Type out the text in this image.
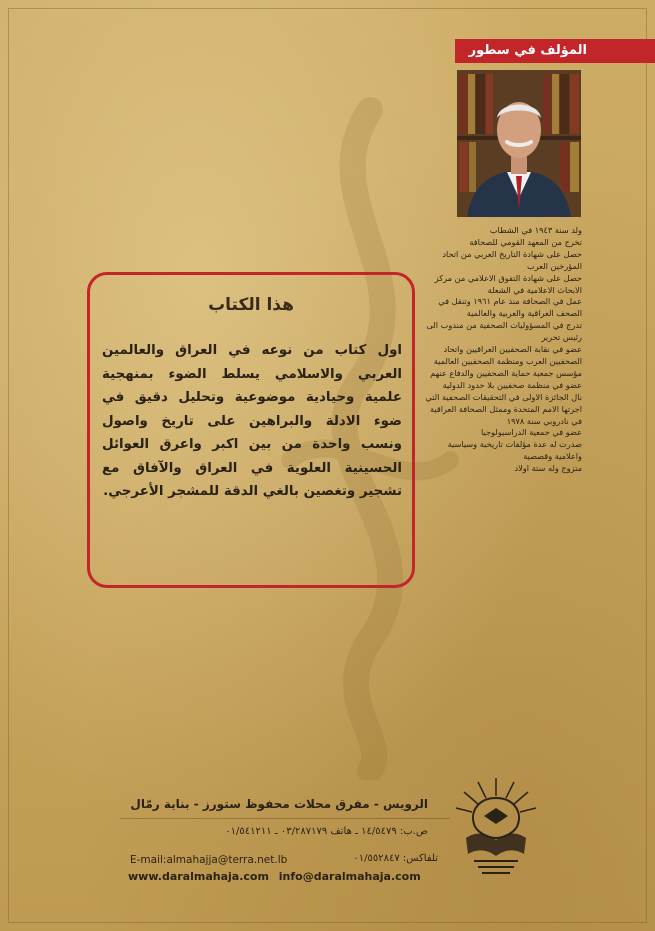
المؤلف في سطور

ولد سنة ١٩٤٣ في الشطاب

تخرج من المعهد القومي للصحافة

حصل على شهادة التاريخ العربي من اتحاد المؤرخين العرب

حصل على شهادة التفوق الاعلامي من مركز الابحاث الاعلامية في الشعلة

عمل في الصحافة منذ عام ١٩٦١ وتنقل في الصحف العراقية والعربية والعالمية

تدرج في المسؤوليات الصحفية من مندوب الى رئيس تحرير

عضو في نقابة الصحفيين العراقيين واتحاد الصحفيين العرب ومنظمة الصحفيين العالمية

مؤسس جمعية حماية الصحفيين والدفاع عنهم

عضو في منظمة صحفيين بلا حدود الدولية

نال الجائزة الاولى في التحقيقات الصحفية التي اجرتها الامم المتحدة وممثل الصحافة العراقية في نادروبي سنة ١٩٧٨

عضو في جمعية الدراسيولوجيا

صدرت له عدة مؤلفات تاريخية وسياسية واعلامية وقصصية

متزوج وله ستة اولاد

هذا الكتاب
اول كتاب من نوعه في العراق والعالمين العربي والاسلامي يسلط الضوء بمنهجية علمية وحيادية موضوعية وتحليل دقيق في ضوء الادلة والبراهين على تاريخ واصول ونسب واحدة من بين اكبر واعرق العوائل الحسينية العلوية في العراق والآفاق مع تشجير وتغصين بالغي الدقة للمشجر الأعرجي.
الرويس - مفرق محلات محفوظ ستورز - بناية رمّال
ص.ب: ١٤/٥٤٧٩ ـ هاتف ٠٣/٢٨٧١٧٩ ـ ٠١/٥٤١٢١١
E-mail:almahajja@terra.net.lb	تلفاكس: ٠١/٥٥٢٨٤٧
www.daralmahaja.com info@daralmahaja.com
